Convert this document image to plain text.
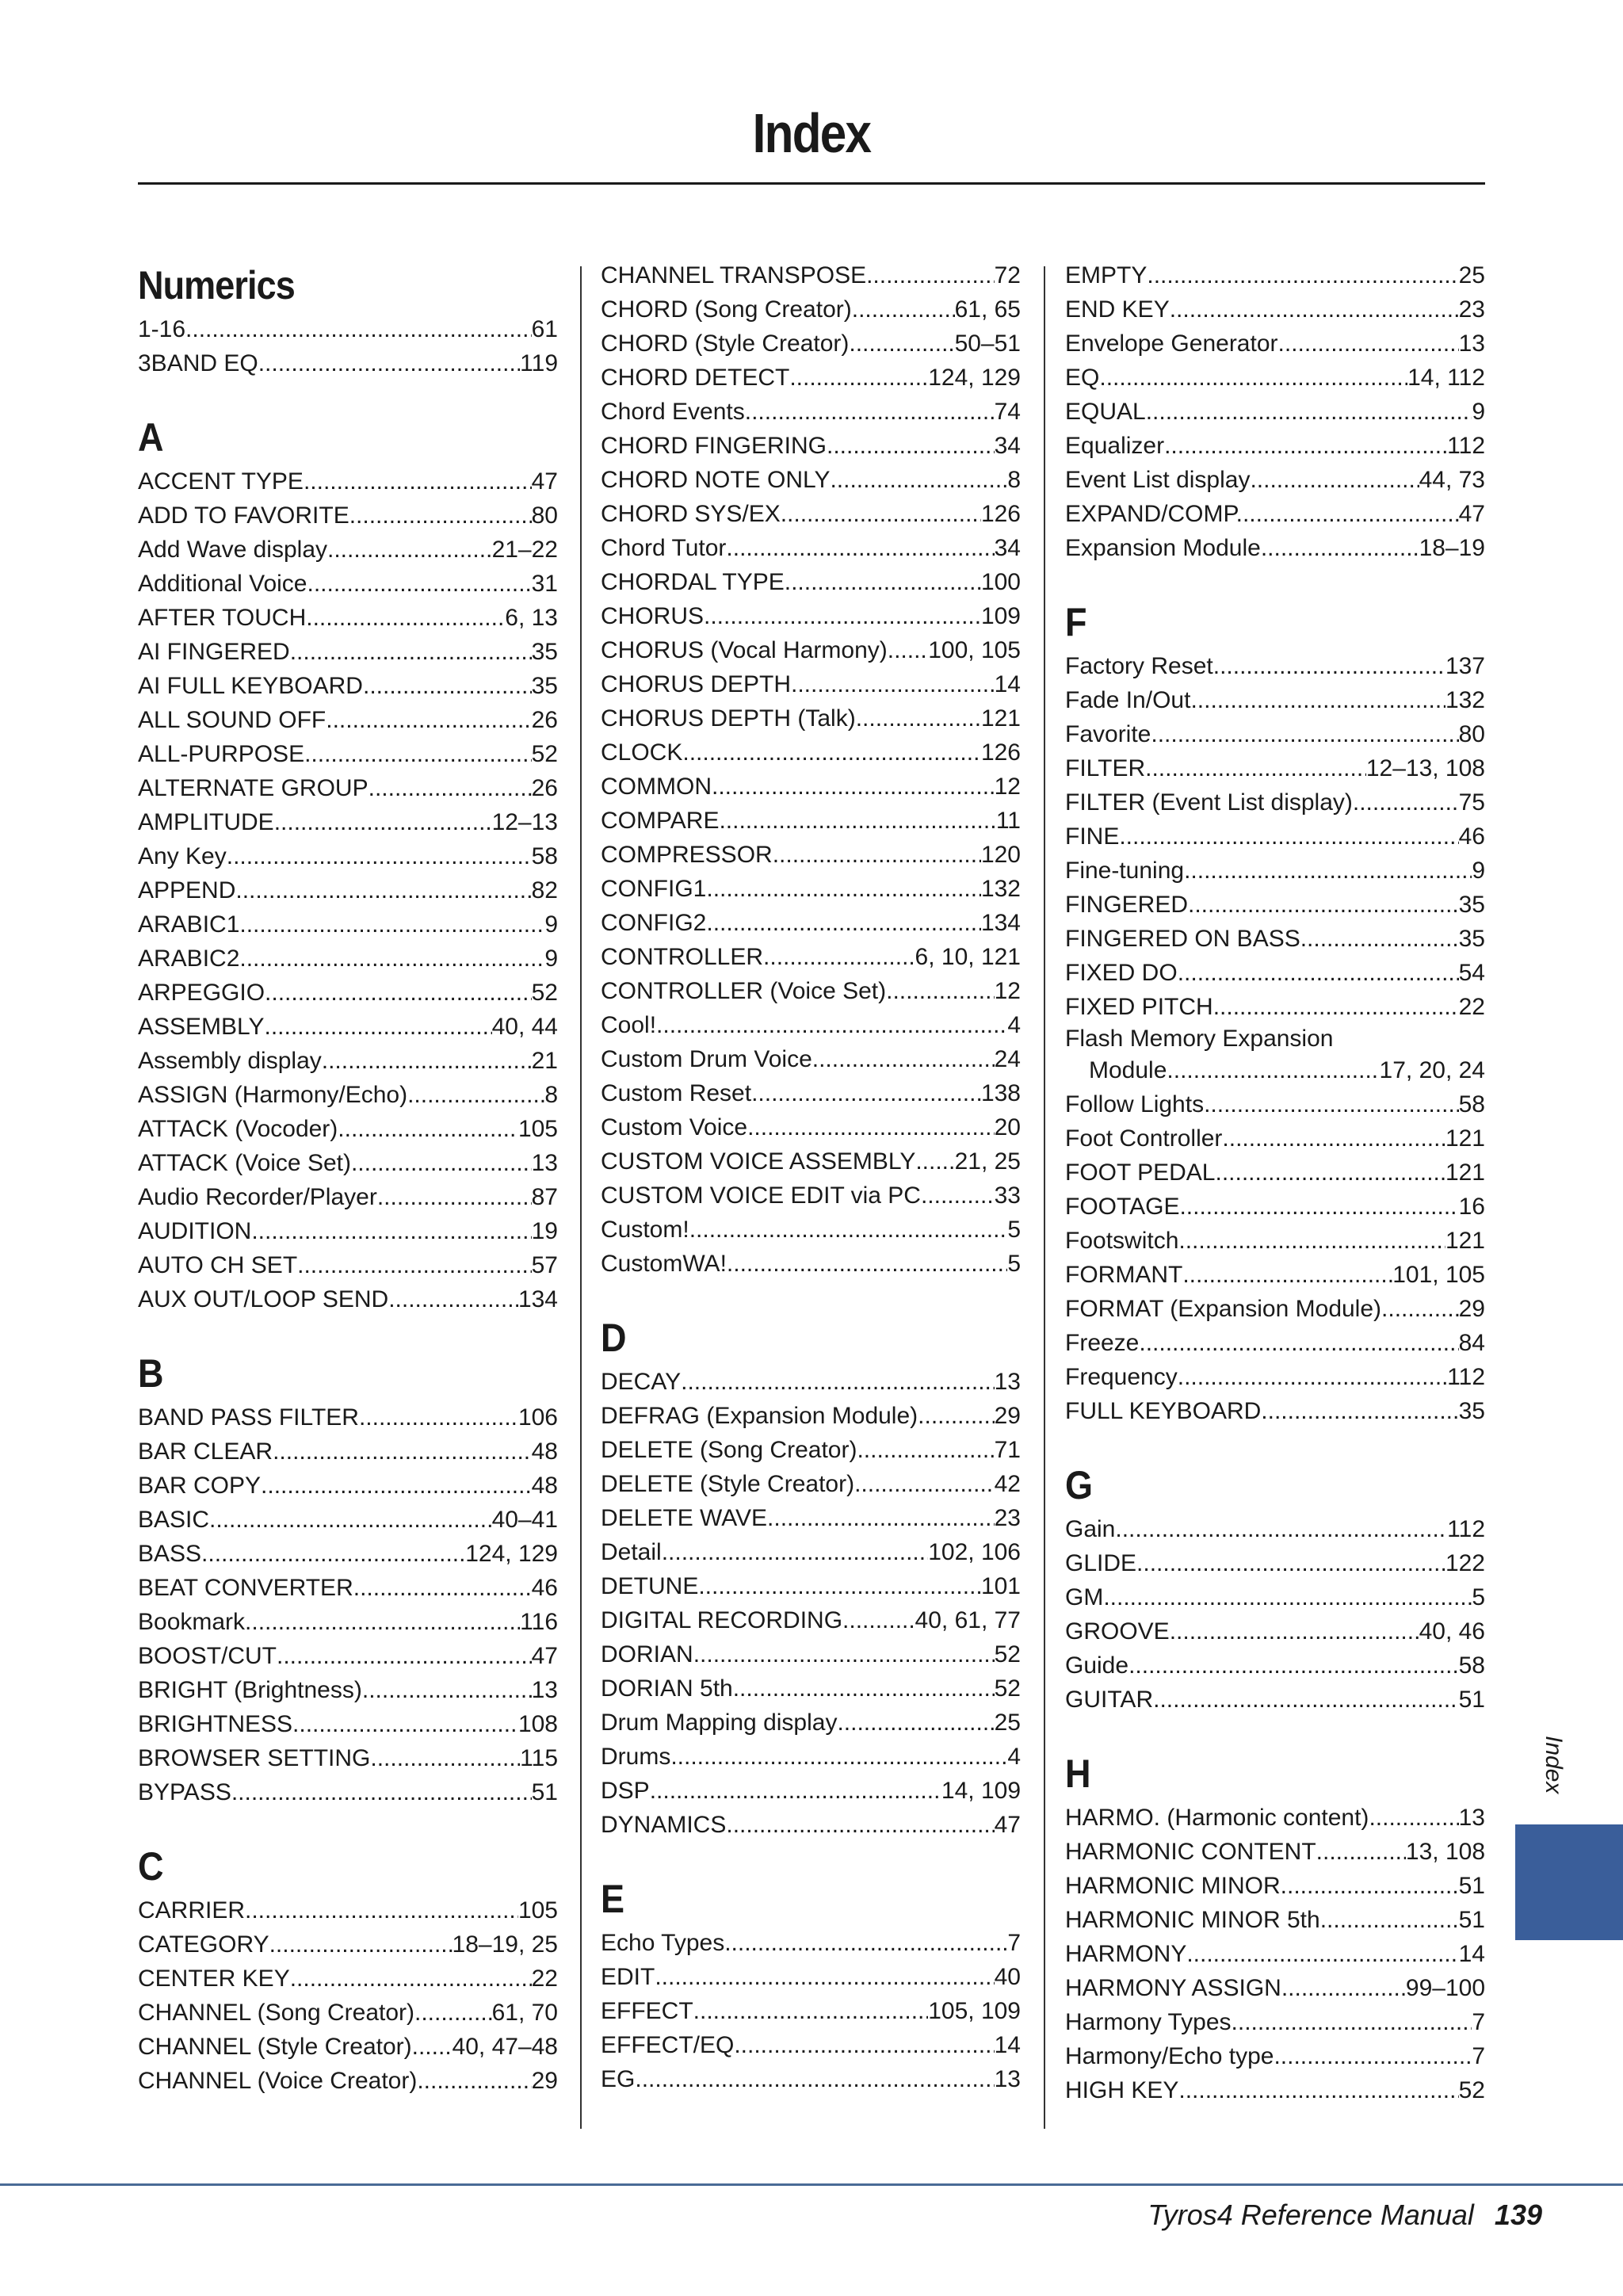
Index
Numerics
1-16 .....	61
3BAND EQ .....	119
A
ACCENT TYPE .....	47
ADD TO FAVORITE .....	80
Add Wave display .....	21–22
Additional Voice .....	31
AFTER TOUCH .....	6, 13
AI FINGERED .....	35
AI FULL KEYBOARD .....	35
ALL SOUND OFF .....	26
ALL-PURPOSE .....	52
ALTERNATE GROUP .....	26
AMPLITUDE .....	12–13
Any Key .....	58
APPEND .....	82
ARABIC1 .....	9
ARABIC2 .....	9
ARPEGGIO .....	52
ASSEMBLY .....	40, 44
Assembly display .....	21
ASSIGN (Harmony/Echo) .....	8
ATTACK (Vocoder) .....	105
ATTACK (Voice Set) .....	13
Audio Recorder/Player .....	87
AUDITION .....	19
AUTO CH SET .....	57
AUX OUT/LOOP SEND .....	134
B
BAND PASS FILTER .....	106
BAR CLEAR .....	48
BAR COPY .....	48
BASIC .....	40–41
BASS .....	124, 129
BEAT CONVERTER .....	46
Bookmark .....	116
BOOST/CUT .....	47
BRIGHT (Brightness) .....	13
BRIGHTNESS .....	108
BROWSER SETTING .....	115
BYPASS .....	51
C
CARRIER .....	105
CATEGORY .....	18–19, 25
CENTER KEY .....	22
CHANNEL (Song Creator) .....	61, 70
CHANNEL (Style Creator) ..... 40, 47–48
CHANNEL (Voice Creator) .....	29
CHANNEL TRANSPOSE .....	72
CHORD (Song Creator) .....	61, 65
CHORD (Style Creator) .....	50–51
CHORD DETECT .....	124, 129
Chord Events .....	74
CHORD FINGERING .....	34
CHORD NOTE ONLY .....	8
CHORD SYS/EX .....	126
Chord Tutor .....	34
CHORDAL TYPE .....	100
CHORUS .....	109
CHORUS (Vocal Harmony) ..... 100, 105
CHORUS DEPTH .....	14
CHORUS DEPTH (Talk) .....	121
CLOCK .....	126
COMMON .....	12
COMPARE .....	11
COMPRESSOR .....	120
CONFIG1 .....	132
CONFIG2 .....	134
CONTROLLER .....	6, 10, 121
CONTROLLER (Voice Set) .....	12
Cool! .....	4
Custom Drum Voice .....	24
Custom Reset .....	138
Custom Voice .....	20
CUSTOM VOICE ASSEMBLY ..... 21, 25
CUSTOM VOICE EDIT via PC .....	33
Custom! .....	5
CustomWA! .....	5
D
DECAY .....	13
DEFRAG (Expansion Module) .....	29
DELETE (Song Creator) .....	71
DELETE (Style Creator) .....	42
DELETE WAVE .....	23
Detail .....	102, 106
DETUNE .....	101
DIGITAL RECORDING .....	40, 61, 77
DORIAN .....	52
DORIAN 5th .....	52
Drum Mapping display .....	25
Drums .....	4
DSP .....	14, 109
DYNAMICS .....	47
E
Echo Types .....	7
EDIT .....	40
EFFECT .....	105, 109
EFFECT/EQ .....	14
EG .....	13
EMPTY .....	25
END KEY .....	23
Envelope Generator .....	13
EQ .....	14, 112
EQUAL .....	9
Equalizer .....	112
Event List display .....	44, 73
EXPAND/COMP. .....	47
Expansion Module .....	18–19
F
Factory Reset .....	137
Fade In/Out .....	132
Favorite .....	80
FILTER .....	12–13, 108
FILTER (Event List display) .....	75
FINE .....	46
Fine-tuning .....	9
FINGERED .....	35
FINGERED ON BASS .....	35
FIXED DO .....	54
FIXED PITCH .....	22
Flash Memory Expansion
Module .....	17, 20, 24
Follow Lights .....	58
Foot Controller .....	121
FOOT PEDAL .....	121
FOOTAGE .....	16
Footswitch .....	121
FORMANT .....	101, 105
FORMAT (Expansion Module) .....	29
Freeze .....	84
Frequency .....	112
FULL KEYBOARD .....	35
G
Gain .....	112
GLIDE .....	122
GM .....	5
GROOVE .....	40, 46
Guide .....	58
GUITAR .....	51
H
HARMO. (Harmonic content) .....	13
HARMONIC CONTENT .....	13, 108
HARMONIC MINOR .....	51
HARMONIC MINOR 5th .....	51
HARMONY .....	14
HARMONY ASSIGN .....	99–100
Harmony Types .....	7
Harmony/Echo type .....	7
HIGH KEY .....	52
Index
Tyros4 Reference Manual 139
